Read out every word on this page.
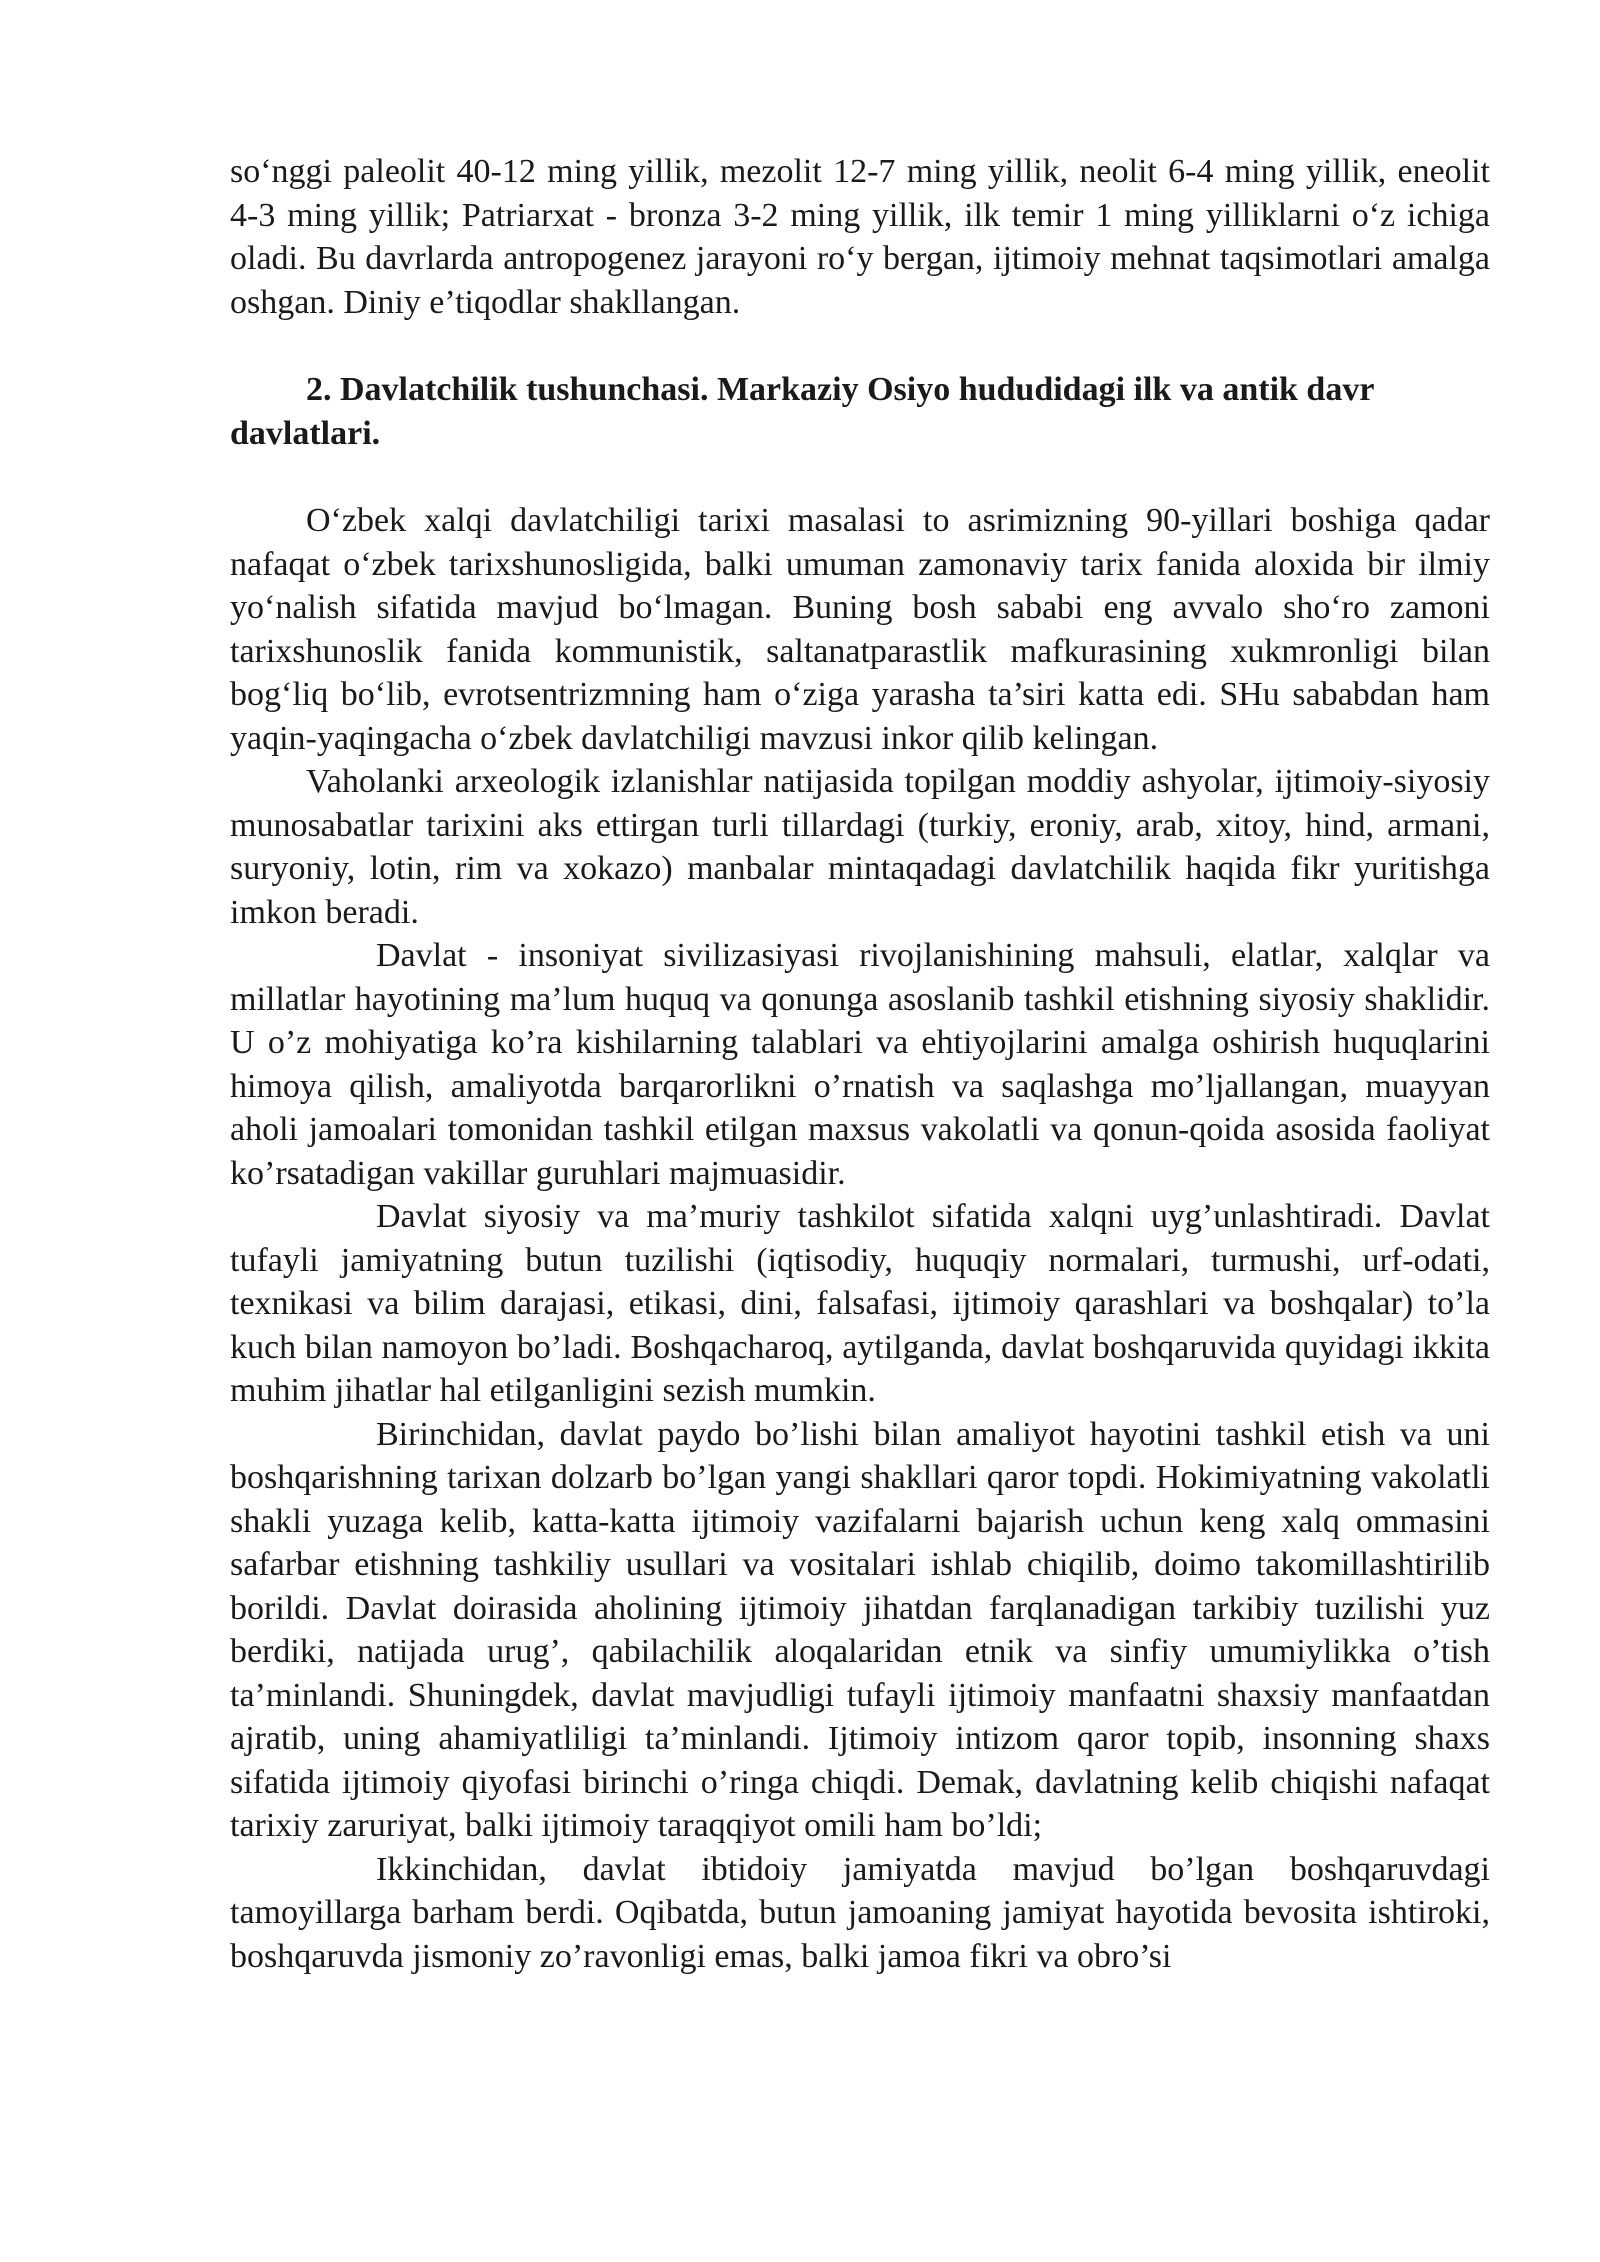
so‘nggi paleolit 40-12 ming yillik, mezolit 12-7 ming yillik, neolit 6-4 ming yillik, eneolit 4-3 ming yillik; Patriarxat - bronza 3-2 ming yillik, ilk temir 1 ming yilliklarni o‘z ichiga oladi. Bu davrlarda antropogenez jarayoni ro‘y bergan, ijtimoiy mehnat taqsimotlari amalga oshgan. Diniy e’tiqodlar shakllangan.

2. Davlatchilik tushunchasi. Markaziy Osiyo hududidagi ilk va antik davr davlatlari.

O‘zbek xalqi davlatchiligi tarixi masalasi to asrimizning 90-yillari boshiga qadar nafaqat o‘zbek tarixshunosligida, balki umuman zamonaviy tarix fanida aloxida bir ilmiy yo‘nalish sifatida mavjud bo‘lmagan. Buning bosh sababi eng avvalo sho‘ro zamoni tarixshunoslik fanida kommunistik, saltanatparastlik mafkurasining xukmronligi bilan bog‘liq bo‘lib, evrotsentrizmning ham o‘ziga yarasha ta’siri katta edi. SHu sababdan ham yaqin-yaqingacha o‘zbek davlatchiligi mavzusi inkor qilib kelingan.

Vaholanki arxeologik izlanishlar natijasida topilgan moddiy ashyolar, ijtimoiy-siyosiy munosabatlar tarixini aks ettirgan turli tillardagi (turkiy, eroniy, arab, xitoy, hind, armani, suryoniy, lotin, rim va xokazo) manbalar mintaqadagi davlatchilik haqida fikr yuritishga imkon beradi.

Davlat - insoniyat sivilizasiyasi rivojlanishining mahsuli, elatlar, xalqlar va millatlar hayotining ma’lum huquq va qonunga asoslanib tashkil etishning siyosiy shaklidir. U o’z mohiyatiga ko’ra kishilarning talablari va ehtiyojlarini amalga oshirish huquqlarini himoya qilish, amaliyotda barqarorlikni o’rnatish va saqlashga mo’ljallangan, muayyan aholi jamoalari tomonidan tashkil etilgan maxsus vakolatli va qonun-qoida asosida faoliyat ko’rsatadigan vakillar guruhlari majmuasidir.

Davlat siyosiy va ma’muriy tashkilot sifatida xalqni uyg’unlashtiradi. Davlat tufayli jamiyatning butun tuzilishi (iqtisodiy, huquqiy normalari, turmushi, urf-odati, texnikasi va bilim darajasi, etikasi, dini, falsafasi, ijtimoiy qarashlari va boshqalar) to’la kuch bilan namoyon bo’ladi. Boshqacharoq, aytilganda, davlat boshqaruvida quyidagi ikkita muhim jihatlar hal etilganligini sezish mumkin.

Birinchidan, davlat paydo bo’lishi bilan amaliyot hayotini tashkil etish va uni boshqarishning tarixan dolzarb bo’lgan yangi shakllari qaror topdi. Hokimiyatning vakolatli shakli yuzaga kelib, katta-katta ijtimoiy vazifalarni bajarish uchun keng xalq ommasini safarbar etishning tashkiliy usullari va vositalari ishlab chiqilib, doimo takomillashtirilib borildi. Davlat doirasida aholining ijtimoiy jihatdan farqlanadigan tarkibiy tuzilishi yuz berdiki, natijada urug’, qabilachilik aloqalaridan etnik va sinfiy umumiylikka o’tish ta’minlandi. Shuningdek, davlat mavjudligi tufayli ijtimoiy manfaatni shaxsiy manfaatdan ajratib, uning ahamiyatliligi ta’minlandi. Ijtimoiy intizom qaror topib, insonning shaxs sifatida ijtimoiy qiyofasi birinchi o’ringa chiqdi. Demak, davlatning kelib chiqishi nafaqat tarixiy zaruriyat, balki ijtimoiy taraqqiyot omili ham bo’ldi;

Ikkinchidan, davlat ibtidoiy jamiyatda mavjud bo’lgan boshqaruvdagi tamoyillarga barham berdi. Oqibatda, butun jamoaning jamiyat hayotida bevosita ishtiroki, boshqaruvda jismoniy zo’ravonligi emas, balki jamoa fikri va obro’si
